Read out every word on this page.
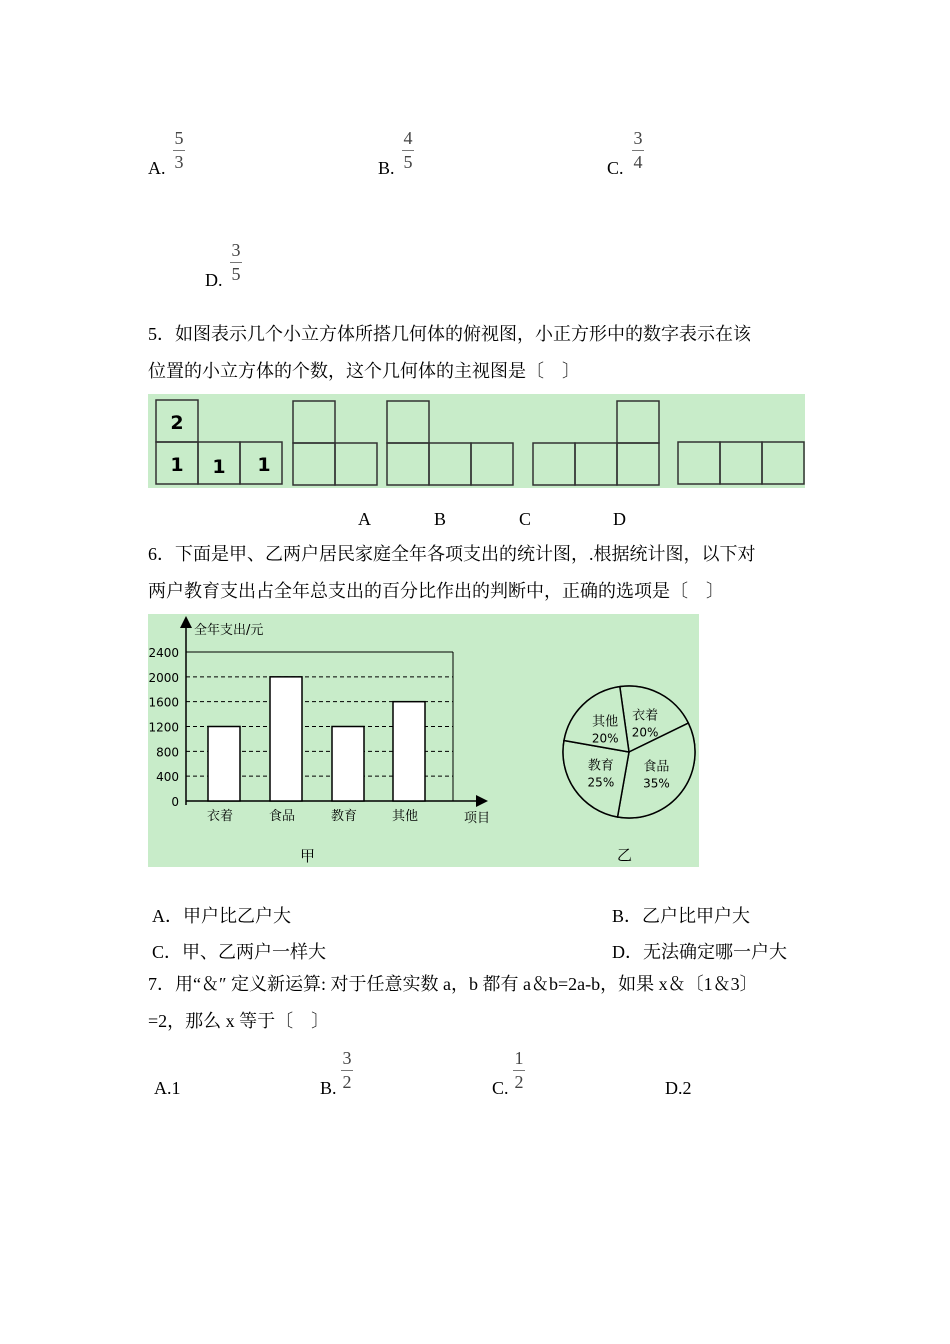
A.
5
3	B.
4
5	C.
3
4
D.
3
5
5．如图表示几个小立方体所搭几何体的俯视图，小正方形中的数字表示在该
位置的小立方体的个数，这个几何体的主视图是〔　〕
2
1 1 1
A	B	C	D
6．下面是甲、乙两户居民家庭全年各项支出的统计图，.根据统计图，以下对
两户教育支出占全年总支出的百分比作出的判断中，正确的选项是〔　〕
0
400
800
1200
1600
2000
2400
衣着	食品	教育	其他
全年支出/元
项目
甲
衣着
20%
食品
35%
教育
25%
其他
20%
乙
A．甲户比乙户大	B．乙户比甲户大
C．甲、乙两户一样大	D．无法确定哪一户大
7．用“＆″ 定义新运算: 对于任意实数 a，b 都有 a＆b=2a-b，如果 x＆〔1＆3〕
=2，那么 x 等于〔　〕
A.1	B.
3
2	C.
1
2	D.2
